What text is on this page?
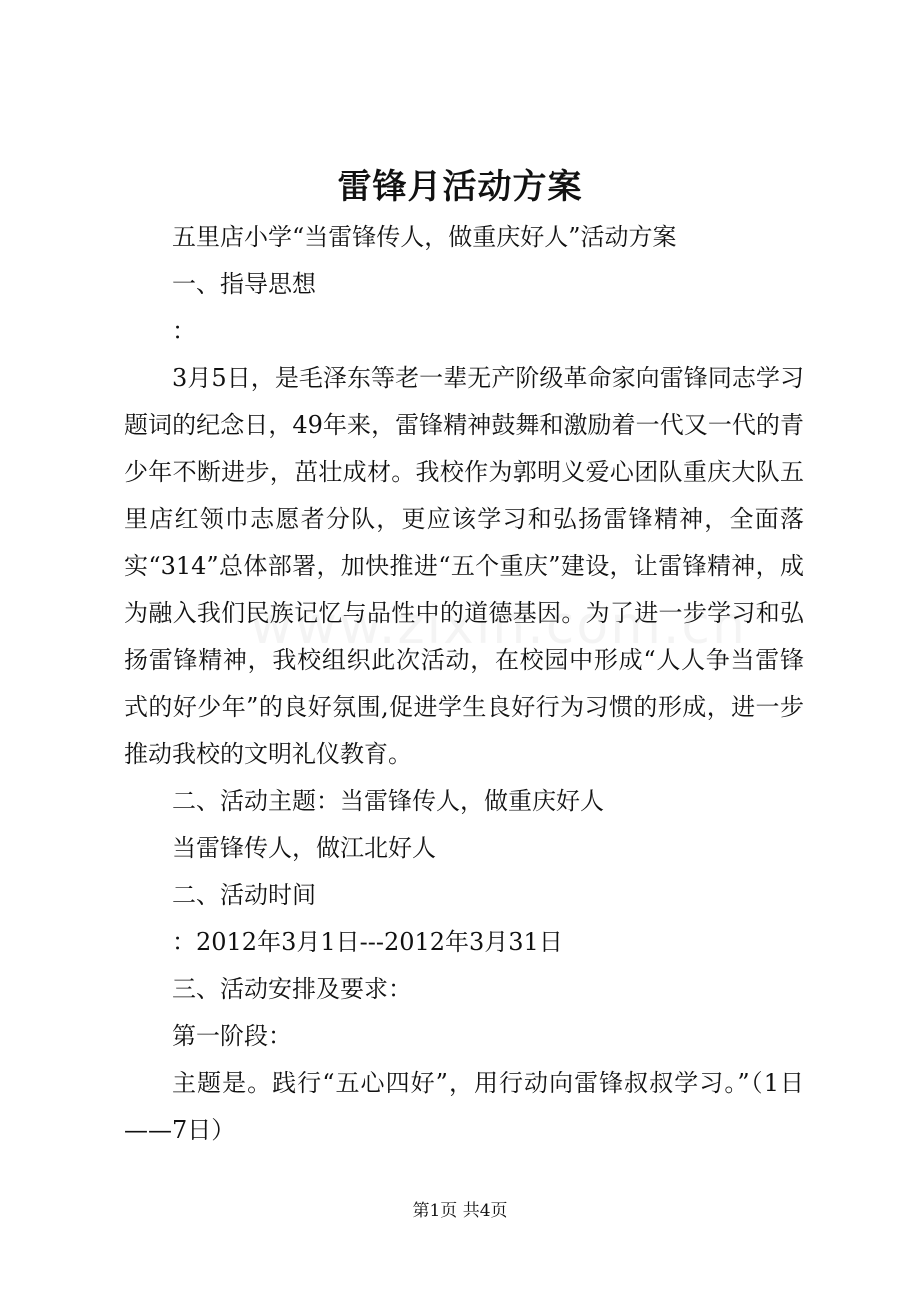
雷锋月活动方案

五里店小学“当雷锋传人，做重庆好人”活动方案

一、指导思想

：

3月5日，是毛泽东等老一辈无产阶级革命家向雷锋同志学习题词的纪念日，49年来，雷锋精神鼓舞和激励着一代又一代的青少年不断进步，茁壮成材。我校作为郭明义爱心团队重庆大队五里店红领巾志愿者分队，更应该学习和弘扬雷锋精神，全面落实“314”总体部署，加快推进“五个重庆”建设，让雷锋精神，成为融入我们民族记忆与品性中的道德基因。为了进一步学习和弘扬雷锋精神，我校组织此次活动，在校园中形成“人人争当雷锋式的好少年”的良好氛围,促进学生良好行为习惯的形成，进一步推动我校的文明礼仪教育。

二、活动主题：当雷锋传人，做重庆好人

当雷锋传人，做江北好人

二、活动时间

：2012年3月1日---2012年3月31日

三、活动安排及要求：

第一阶段：

主题是。践行“五心四好”，用行动向雷锋叔叔学习。”（1日——7日）

第1页 共4页
